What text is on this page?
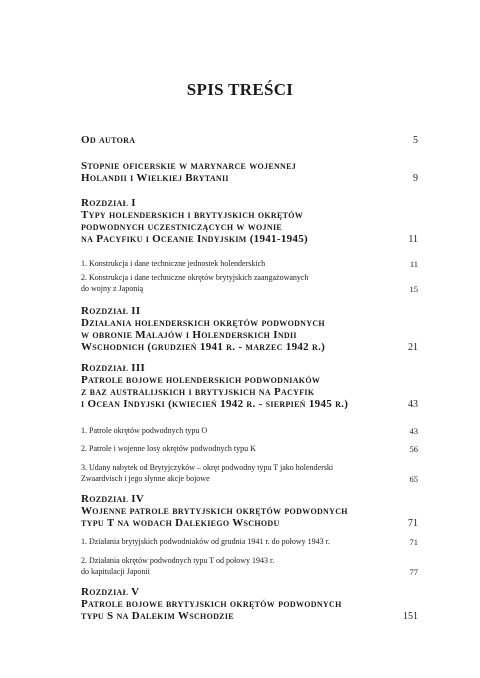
SPIS TREŚCI
Od autora	5
Stopnie oficerskie w marynarce wojennej
Holandii i Wielkiej Brytanii	9
Rozdział I
Typy holenderskich i brytyjskich okrętów
podwodnych uczestniczących w wojnie
na Pacyfiku i Oceanie Indyjskim (1941-1945)	11
1. Konstrukcja i dane techniczne jednostek holenderskich	11
2. Konstrukcja i dane techniczne okrętów brytyjskich zaangażowanych
do wojny z Japonią	15
Rozdział II
Działania holenderskich okrętów podwodnych
w obronie Malajów i Holenderskich Indii
Wschodnich (grudzień 1941 r. - marzec 1942 r.)	21
Rozdział III
Patrole bojowe holenderskich podwodniaków
z baz australijskich i brytyjskich na Pacyfik
i Ocean Indyjski (kwiecień 1942 r. - sierpień 1945 r.)	43
1. Patrole okrętów podwodnych typu O	43
2. Patrole i wojenne losy okrętów podwodnych typu K	56
3. Udany nabytek od Brytyjczyków – okręt podwodny typu T jako holenderski
Zwaardvisch i jego słynne akcje bojowe	65
Rozdział IV
Wojenne patrole brytyjskich okrętów podwodnych
typu T na wodach Dalekiego Wschodu	71
1. Działania brytyjskich podwodniaków od grudnia 1941 r. do połowy 1943 r.	71
2. Działania okrętów podwodnych typu T od połowy 1943 r.
do kapitulacji Japonii	77
Rozdział V
Patrole bojowe brytyjskich okrętów podwodnych
typu S na Dalekim Wschodzie	151
